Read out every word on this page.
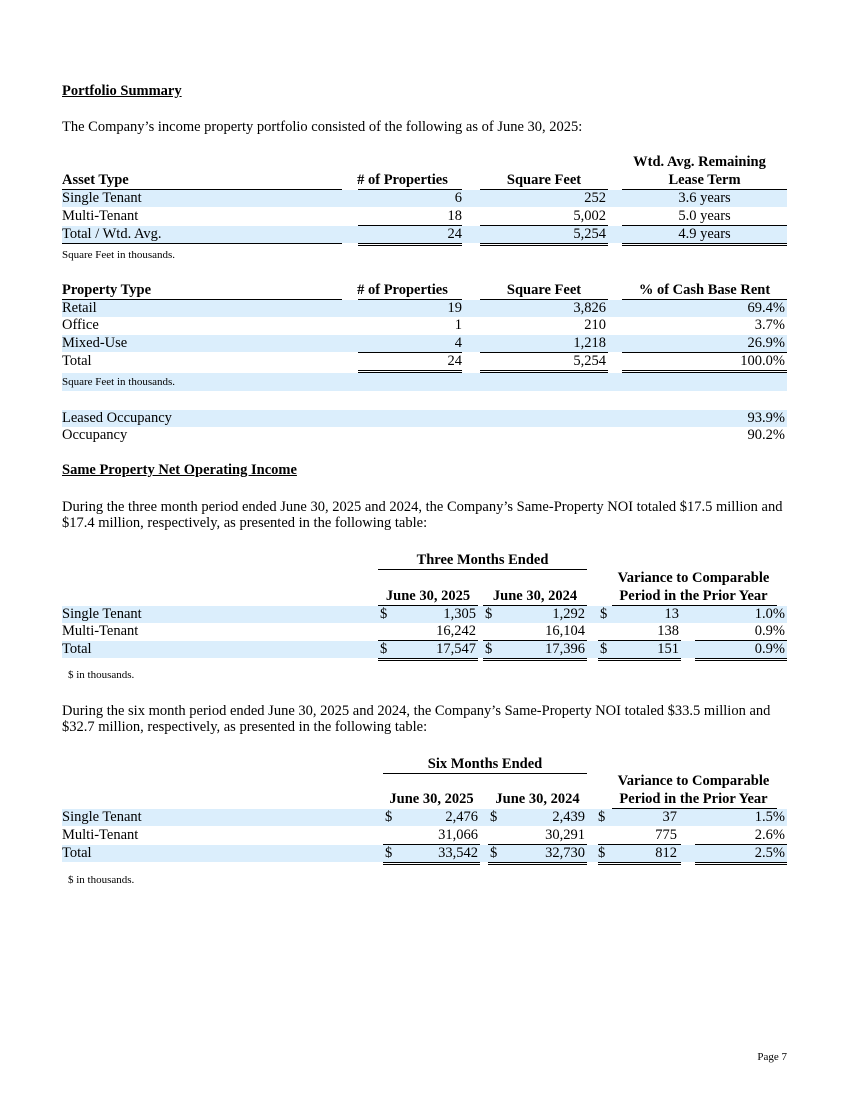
Portfolio Summary
The Company’s income property portfolio consisted of the following as of June 30, 2025:
Wtd. Avg. Remaining
Asset Type	# of Properties	Square Feet	Lease Term
Single Tenant	6	252	3.6 years
Multi-Tenant	18	5,002	5.0 years
Total / Wtd. Avg.	24	5,254	4.9 years
Square Feet in thousands.
Property Type	# of Properties	Square Feet	% of Cash Base Rent
Retail	19	3,826	69.4%
Office	1	210	3.7%
Mixed-Use	4	1,218	26.9%
Total	24	5,254	100.0%
Square Feet in thousands.
Leased Occupancy	93.9%
Occupancy	90.2%
Same Property Net Operating Income
During the three month period ended June 30, 2025 and 2024, the Company’s Same-Property NOI totaled $17.5 million and $17.4 million, respectively, as presented in the following table:
Three Months Ended
Variance to Comparable
June 30, 2025	June 30, 2024	Period in the Prior Year
Single Tenant	$	1,305 $	1,292 $	13	1.0%
Multi-Tenant	16,242	16,104	138	0.9%
Total	$	17,547 $	17,396 $	151	0.9%
$ in thousands.
During the six month period ended June 30, 2025 and 2024, the Company’s Same-Property NOI totaled $33.5 million and $32.7 million, respectively, as presented in the following table:
Six Months Ended
Variance to Comparable
June 30, 2025	June 30, 2024	Period in the Prior Year
Single Tenant	$	2,476 $	2,439 $	37	1.5%
Multi-Tenant	31,066	30,291	775	2.6%
Total	$	33,542 $	32,730 $	812	2.5%
$ in thousands.
Page 7
